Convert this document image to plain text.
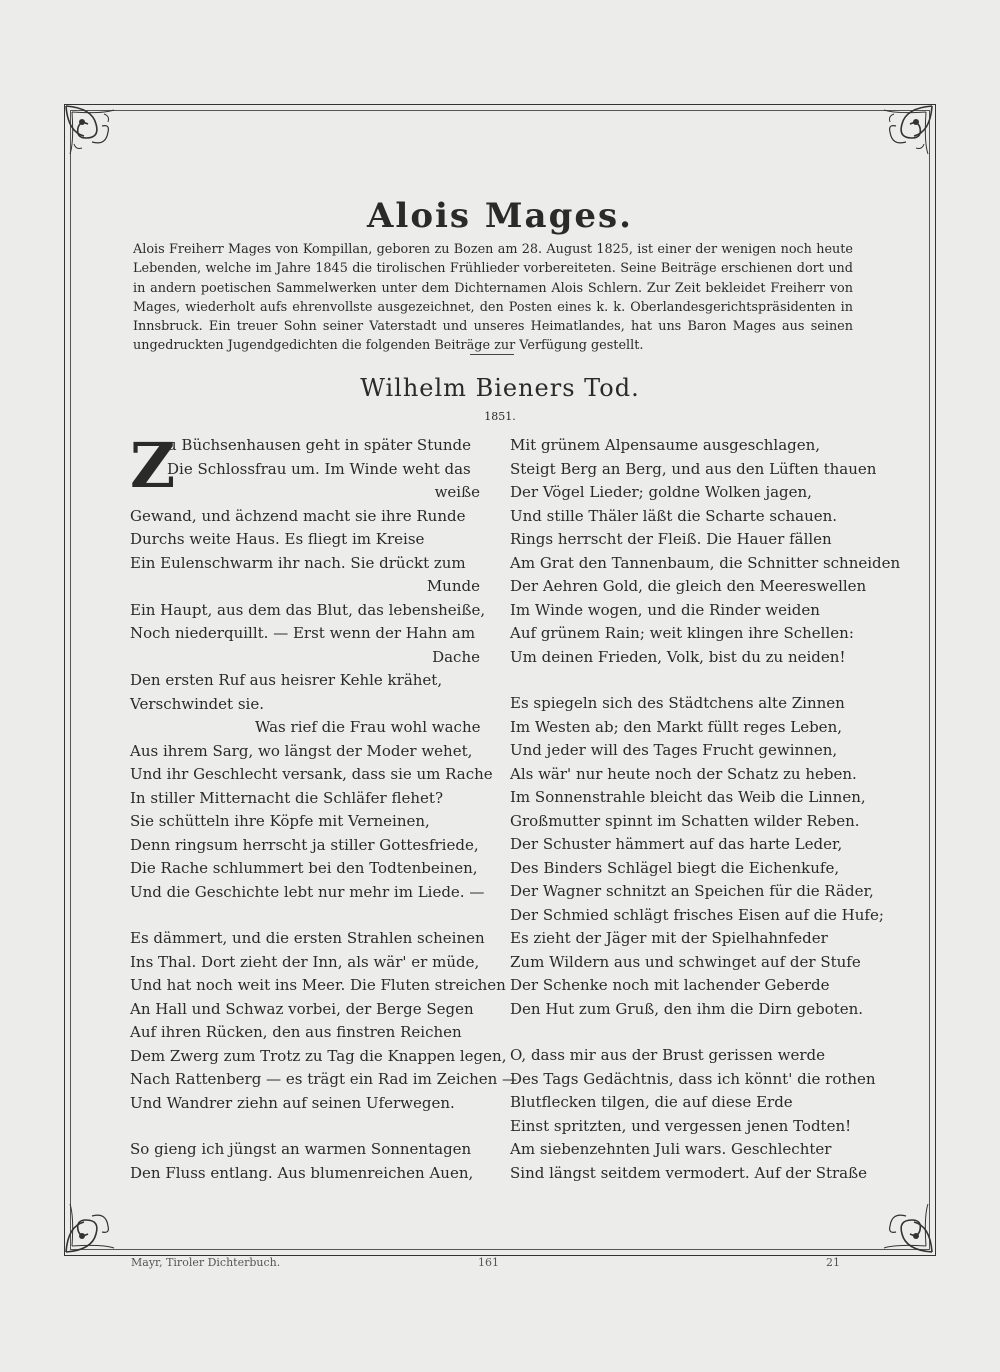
Alois Mages.

Alois Freiherr Mages von Kompillan, geboren zu Bozen am 28. August 1825, ist einer der wenigen noch heute Lebenden, welche im Jahre 1845 die tirolischen Frühlieder vorbereiteten. Seine Beiträge erschienen dort und in andern poetischen Sammelwerken unter dem Dichternamen Alois Schlern. Zur Zeit bekleidet Freiherr von Mages, wiederholt aufs ehrenvollste ausgezeichnet, den Posten eines k. k. Oberlandesgerichtspräsidenten in Innsbruck. Ein treuer Sohn seiner Vaterstadt und unseres Heimatlandes, hat uns Baron Mages aus seinen ungedruckten Jugendgedichten die folgenden Beiträge zur Verfügung gestellt.

Wilhelm Bieners Tod.
1851.
Z
u Büchsenhausen geht in später Stunde
Die Schlossfrau um. Im Winde weht das
weiße
Gewand, und ächzend macht sie ihre Runde
Durchs weite Haus. Es fliegt im Kreise
Ein Eulenschwarm ihr nach. Sie drückt zum
Munde
Ein Haupt, aus dem das Blut, das lebensheiße,
Noch niederquillt. — Erst wenn der Hahn am
Dache
Den ersten Ruf aus heisrer Kehle krähet,
Verschwindet sie.
Was rief die Frau wohl wache
Aus ihrem Sarg, wo längst der Moder wehet,
Und ihr Geschlecht versank, dass sie um Rache
In stiller Mitternacht die Schläfer flehet?
Sie schütteln ihre Köpfe mit Verneinen,
Denn ringsum herrscht ja stiller Gottesfriede,
Die Rache schlummert bei den Todtenbeinen,
Und die Geschichte lebt nur mehr im Liede. —
Es dämmert, und die ersten Strahlen scheinen
Ins Thal. Dort zieht der Inn, als wär' er müde,
Und hat noch weit ins Meer. Die Fluten streichen
An Hall und Schwaz vorbei, der Berge Segen
Auf ihren Rücken, den aus finstren Reichen
Dem Zwerg zum Trotz zu Tag die Knappen legen,
Nach Rattenberg — es trägt ein Rad im Zeichen —
Und Wandrer ziehn auf seinen Uferwegen.
So gieng ich jüngst an warmen Sonnentagen
Den Fluss entlang. Aus blumenreichen Auen,
Mit grünem Alpensaume ausgeschlagen,
Steigt Berg an Berg, und aus den Lüften thauen
Der Vögel Lieder; goldne Wolken jagen,
Und stille Thäler läßt die Scharte schauen.
Rings herrscht der Fleiß. Die Hauer fällen
Am Grat den Tannenbaum, die Schnitter schneiden
Der Aehren Gold, die gleich den Meereswellen
Im Winde wogen, und die Rinder weiden
Auf grünem Rain; weit klingen ihre Schellen:
Um deinen Frieden, Volk, bist du zu neiden!
Es spiegeln sich des Städtchens alte Zinnen
Im Westen ab; den Markt füllt reges Leben,
Und jeder will des Tages Frucht gewinnen,
Als wär' nur heute noch der Schatz zu heben.
Im Sonnenstrahle bleicht das Weib die Linnen,
Großmutter spinnt im Schatten wilder Reben.
Der Schuster hämmert auf das harte Leder,
Des Binders Schlägel biegt die Eichenkufe,
Der Wagner schnitzt an Speichen für die Räder,
Der Schmied schlägt frisches Eisen auf die Hufe;
Es zieht der Jäger mit der Spielhahnfeder
Zum Wildern aus und schwinget auf der Stufe
Der Schenke noch mit lachender Geberde
Den Hut zum Gruß, den ihm die Dirn geboten.
O, dass mir aus der Brust gerissen werde
Des Tags Gedächtnis, dass ich könnt' die rothen
Blutflecken tilgen, die auf diese Erde
Einst spritzten, und vergessen jenen Todten!
Am siebenzehnten Juli wars. Geschlechter
Sind längst seitdem vermodert. Auf der Straße
Mayr, Tiroler Dichterbuch.	161	21
